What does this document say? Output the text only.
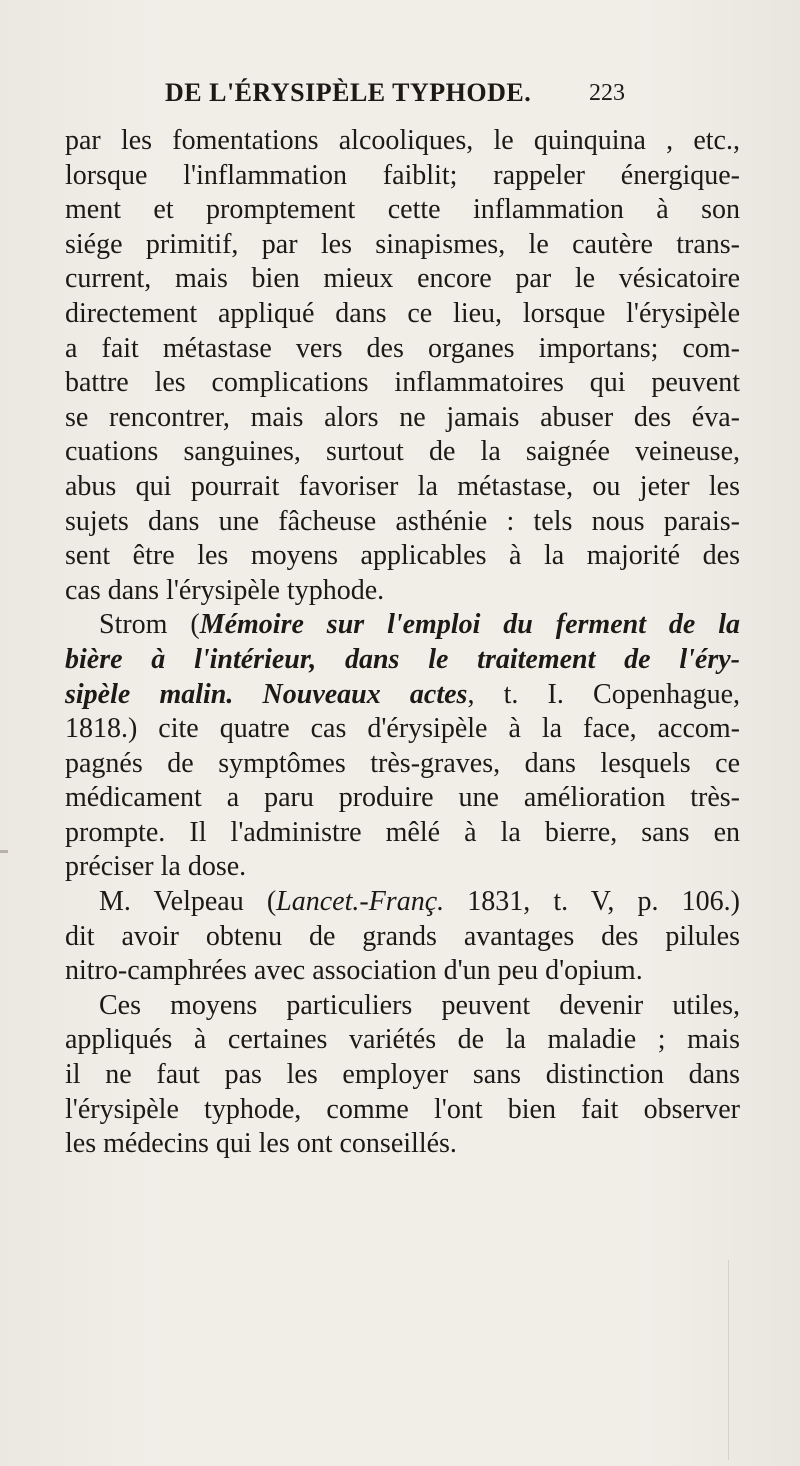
DE L'ÉRYSIPÈLE TYPHODE. 223
par les fomentations alcooliques, le quinquina , etc.,
lorsque l'inflammation faiblit; rappeler énergique-
ment et promptement cette inflammation à son
siége primitif, par les sinapismes, le cautère trans-
current, mais bien mieux encore par le vésicatoire
directement appliqué dans ce lieu, lorsque l'érysipèle
a fait métastase vers des organes importans; com-
battre les complications inflammatoires qui peuvent
se rencontrer, mais alors ne jamais abuser des éva-
cuations sanguines, surtout de la saignée veineuse,
abus qui pourrait favoriser la métastase, ou jeter les
sujets dans une fâcheuse asthénie : tels nous parais-
sent être les moyens applicables à la majorité des
cas dans l'érysipèle typhode.
Strom (Mémoire sur l'emploi du ferment de la
bière à l'intérieur, dans le traitement de l'éry-
sipèle malin. Nouveaux actes, t. I. Copenhague,
1818.) cite quatre cas d'érysipèle à la face, accom-
pagnés de symptômes très-graves, dans lesquels ce
médicament a paru produire une amélioration très-
prompte. Il l'administre mêlé à la bierre, sans en
préciser la dose.
M. Velpeau (Lancet.-Franç. 1831, t. V, p. 106.)
dit avoir obtenu de grands avantages des pilules
nitro-camphrées avec association d'un peu d'opium.
Ces moyens particuliers peuvent devenir utiles,
appliqués à certaines variétés de la maladie ; mais
il ne faut pas les employer sans distinction dans
l'érysipèle typhode, comme l'ont bien fait observer
les médecins qui les ont conseillés.
